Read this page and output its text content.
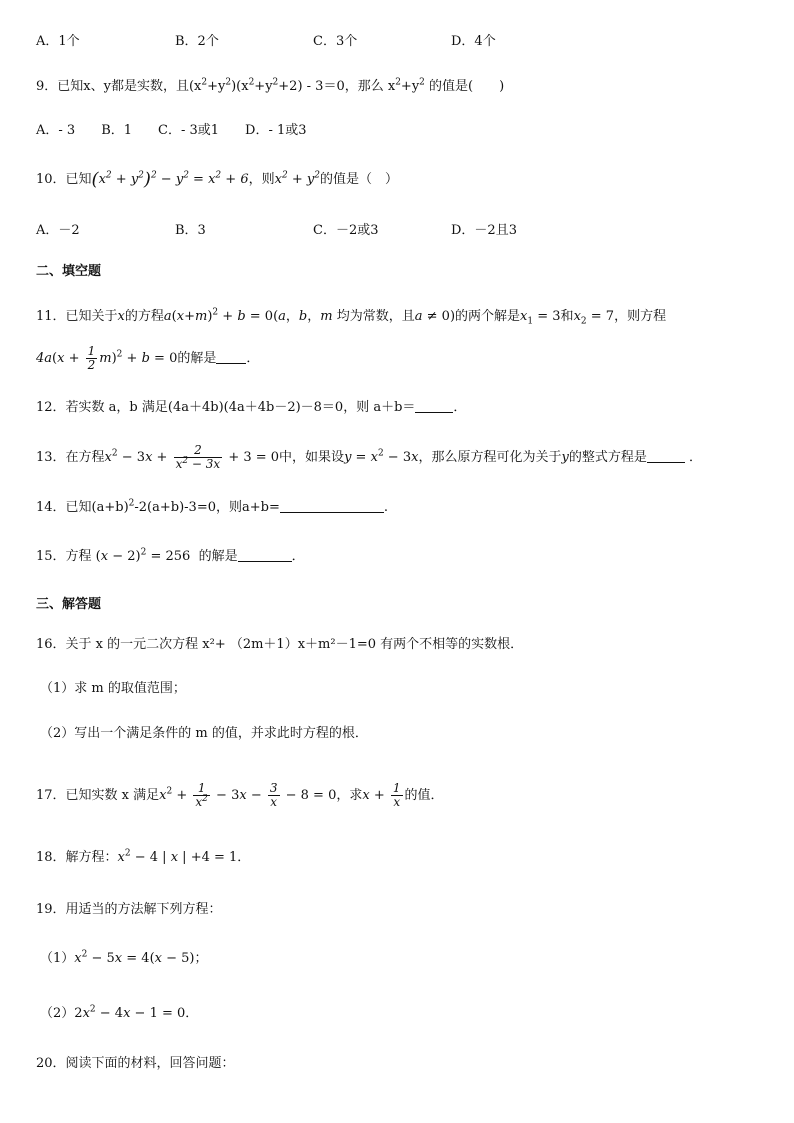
A．1个	B．2个	C．3个	D．4个
9．已知x、y都是实数，且$(x^2+y^2)(x^2+y^2+2) - 3=0$，那么 $x^2+y^2$ 的值是(　　)
A．- 3 B．1 C．- 3或1 D．- 1或3
10．已知$(x^2 + y^2)^2 - y^2 = x^2 + 6$，则$x^2 + y^2$的值是（　）
A．－2	B．3	C．－2或3	D．－2且3
二、填空题
11．已知关于x的方程$a(x+m)^2 + b = 0(a$，b，m 均为常数，且a ≠ 0)的两个解是$x_1 = 3$和$x_2 = 7$，则方程
$4a(x + \frac{1}{2} m)^2 + b = 0$的解是 ．
12．若实数 a，b 满足(4a＋4b)(4a＋4b－2)－8＝0，则 a＋b＝	．
13．在方程$x^2 - 3x + \frac{2}{x^2 - 3x} + 3 = 0$中，如果设$y = x^2 - 3x$，那么原方程可化为关于y的整式方程是	．
14．已知$(a+b)^2-2(a+b)-3=0$，则a+b=	.
15．方程 $(x - 2)^2 = 256$  的解是	．
三、解答题
16．关于 x 的一元二次方程 x²+ （2m＋1）x＋m²－1=0 有两个不相等的实数根．
（1）求 m 的取值范围；
（2）写出一个满足条件的 m 的值，并求此时方程的根．
17．已知实数 x 满足$x^2 + \frac{1}{x^2} - 3x - \frac{3}{x} - 8 = 0$，求$x + \frac{1}{x}$ 的值．
18．解方程：$x^2 - 4$ | x | +4 = 1．
19．用适当的方法解下列方程：
$(1)x^2 - 5x = 4(x - 5)$；
$(2)2x^2 - 4x - 1 = 0$．
20．阅读下面的材料，回答问题：
